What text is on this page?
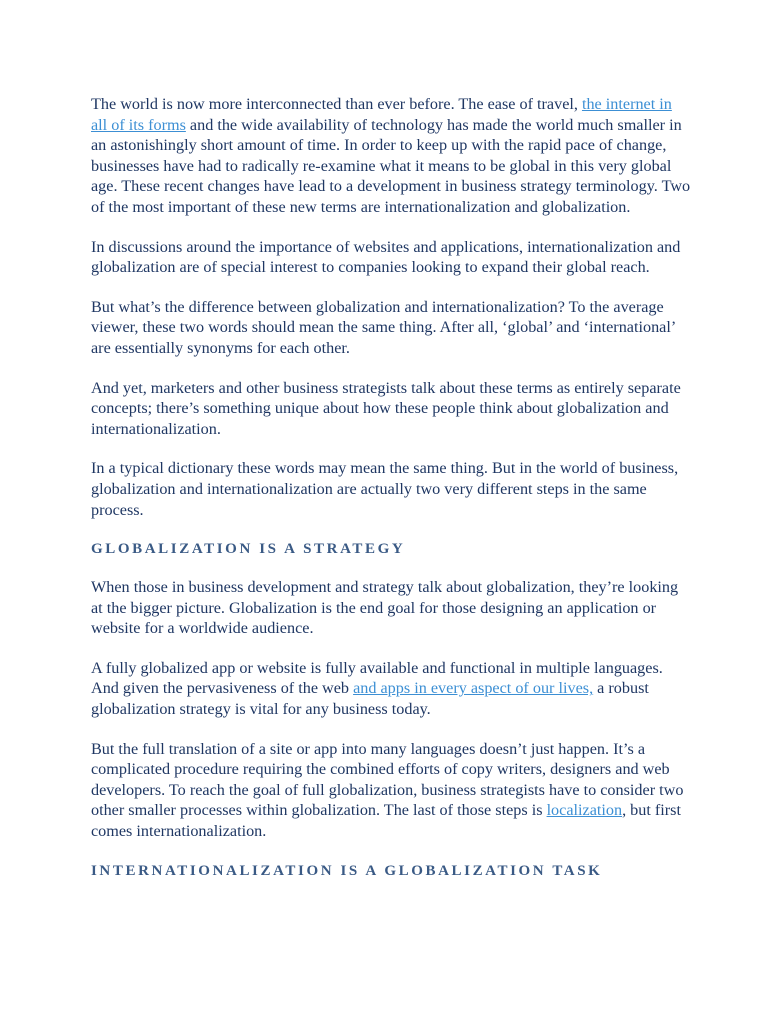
The world is now more interconnected than ever before. The ease of travel, the internet in all of its forms and the wide availability of technology has made the world much smaller in an astonishingly short amount of time. In order to keep up with the rapid pace of change, businesses have had to radically re-examine what it means to be global in this very global age. These recent changes have lead to a development in business strategy terminology. Two of the most important of these new terms are internationalization and globalization.

In discussions around the importance of websites and applications, internationalization and globalization are of special interest to companies looking to expand their global reach.

But what’s the difference between globalization and internationalization? To the average viewer, these two words should mean the same thing. After all, ‘global’ and ‘international’ are essentially synonyms for each other.

And yet, marketers and other business strategists talk about these terms as entirely separate concepts; there’s something unique about how these people think about globalization and internationalization.

In a typical dictionary these words may mean the same thing. But in the world of business, globalization and internationalization are actually two very different steps in the same process.

GLOBALIZATION IS A STRATEGY

When those in business development and strategy talk about globalization, they’re looking at the bigger picture. Globalization is the end goal for those designing an application or website for a worldwide audience.

A fully globalized app or website is fully available and functional in multiple languages. And given the pervasiveness of the web and apps in every aspect of our lives, a robust globalization strategy is vital for any business today.

But the full translation of a site or app into many languages doesn’t just happen. It’s a complicated procedure requiring the combined efforts of copy writers, designers and web developers. To reach the goal of full globalization, business strategists have to consider two other smaller processes within globalization. The last of those steps is localization, but first comes internationalization.

INTERNATIONALIZATION IS A GLOBALIZATION TASK
